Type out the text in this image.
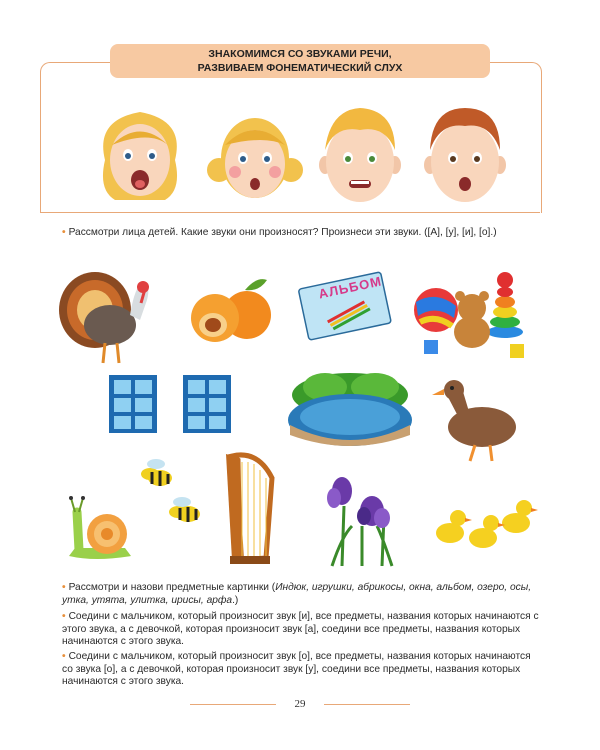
ЗНАКОМИМСЯ СО ЗВУКАМИ РЕЧИ,
РАЗВИВАЕМ ФОНЕМАТИЧЕСКИЙ СЛУХ
• Рассмотри лица детей. Какие звуки они произносят? Произнеси эти звуки. ([А], [у], [и], [о].)
АЛЬБОМ
• Рассмотри и назови предметные картинки (Индюк, игрушки, абрикосы, окна, альбом, озеро, осы, утка, утята, улитка, ирисы, арфа.)
• Соедини с мальчиком, который произносит звук [и], все предметы, названия которых начинаются с этого звука, а с девочкой, которая произносит звук [а], соедини все предметы, названия которых начинаются с этого звука.
• Соедини с мальчиком, который произносит звук [о], все предметы, названия которых начинаются со звука [о], а с девочкой, которая произносит звук [у], соедини все предметы, названия которых начинаются с этого звука.
29
